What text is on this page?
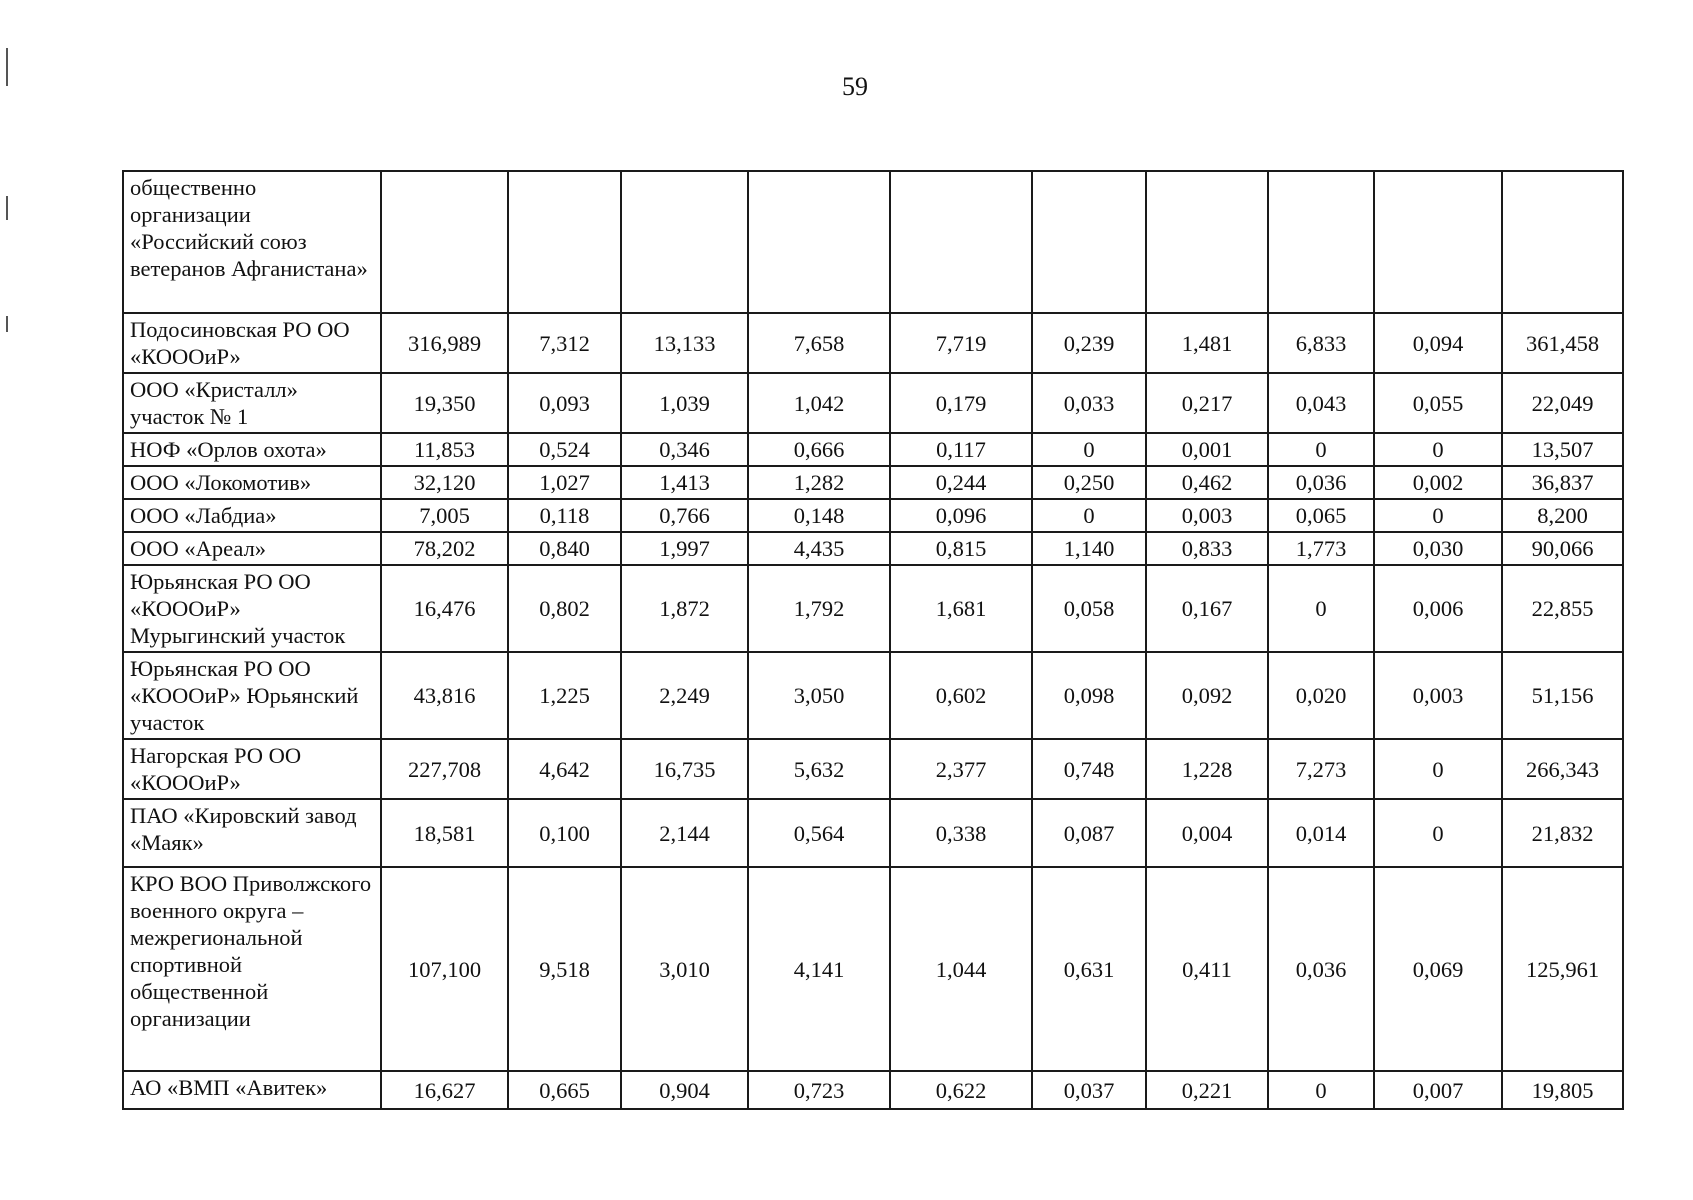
59
общественно организации «Российский союз ветеранов Афганистана»										
Подосиновская РО ОО «КОООиР»	316,989	7,312	13,133	7,658	7,719	0,239	1,481	6,833	0,094	361,458
ООО «Кристалл» участок № 1	19,350	0,093	1,039	1,042	0,179	0,033	0,217	0,043	0,055	22,049
НОФ «Орлов охота»	11,853	0,524	0,346	0,666	0,117	0	0,001	0	0	13,507
ООО «Локомотив»	32,120	1,027	1,413	1,282	0,244	0,250	0,462	0,036	0,002	36,837
ООО «Лабдиа»	7,005	0,118	0,766	0,148	0,096	0	0,003	0,065	0	8,200
ООО «Ареал»	78,202	0,840	1,997	4,435	0,815	1,140	0,833	1,773	0,030	90,066
Юрьянская РО ОО «КОООиР» Мурыгинский участок	16,476	0,802	1,872	1,792	1,681	0,058	0,167	0	0,006	22,855
Юрьянская РО ОО «КОООиР» Юрьянский участок	43,816	1,225	2,249	3,050	0,602	0,098	0,092	0,020	0,003	51,156
Нагорская РО ОО «КОООиР»	227,708	4,642	16,735	5,632	2,377	0,748	1,228	7,273	0	266,343
ПАО «Кировский завод «Маяк»	18,581	0,100	2,144	0,564	0,338	0,087	0,004	0,014	0	21,832
КРО ВОО Приволжского военного округа – межрегиональной спортивной общественной организации	107,100	9,518	3,010	4,141	1,044	0,631	0,411	0,036	0,069	125,961
АО «ВМП «Авитек»	16,627	0,665	0,904	0,723	0,622	0,037	0,221	0	0,007	19,805
